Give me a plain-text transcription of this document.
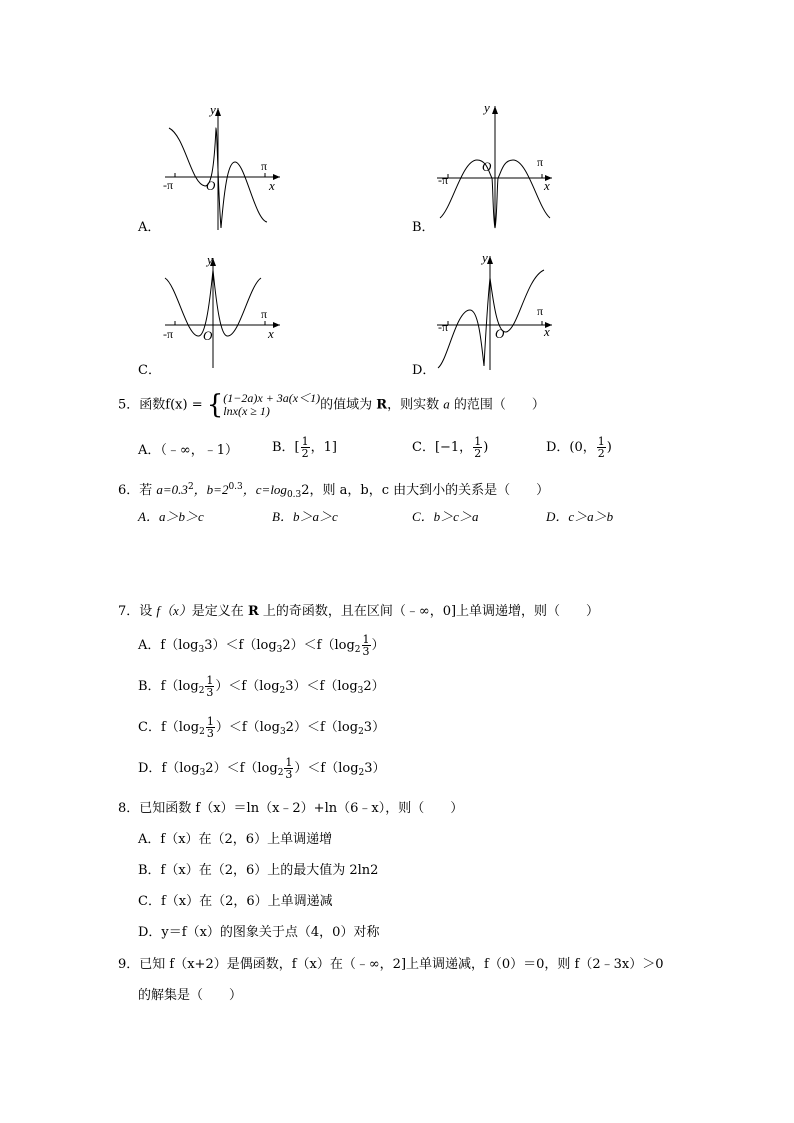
y
x
-π
π
O
A．
y
x
-π
π
O
B．
y
x
-π
π
O
C．
y
x
-π
π
O
D．
5．函数f(x) = { (1−2a)x + 3a(x＜1)
lnx(x ≥ 1)	的值域为 R，则实数 a 的范围（　　）
A．（﹣∞，﹣1）	B．[ $\frac{1}{2}$ ，1]	C．[−1， $\frac{1}{2}$ )	D．(0， $\frac{1}{2}$ )
6．若 $a=0.3^2$，$b=2^{0.3}$，$c=\log_{0.3}2$，则 a，b，c 由大到小的关系是（　　）
A．a＞b＞c	B．b＞a＞c	C．b＞c＞a	D．c＞a＞b
7．设 f（x）是定义在 R 上的奇函数，且在区间（﹣∞，0]上单调递增，则（　　）
A．$f(\log_33)<f(\log_32)<f(\log_2 \frac{1}{3}$ ）
B．$f(\log_2 \frac{1}{3} )<f(\log_23)<f(\log_32)$
C．$f(\log_2 \frac{1}{3} )<f(\log_32)<f(\log_23)$
D．$f(\log_32)<f(\log_2 \frac{1}{3} )<f(\log_23)$
8．已知函数 f（x）＝ln（x﹣2）+ln（6﹣x），则（　　）
A．f（x）在（2，6）上单调递增
B．f（x）在（2，6）上的最大值为 2ln2
C．f（x）在（2，6）上单调递减
D．y＝f（x）的图象关于点（4，0）对称
9．已知 f（x+2）是偶函数，f（x）在（﹣∞，2]上单调递减，f（0）＝0，则 f（2﹣3x）＞0
的解集是（　　）
